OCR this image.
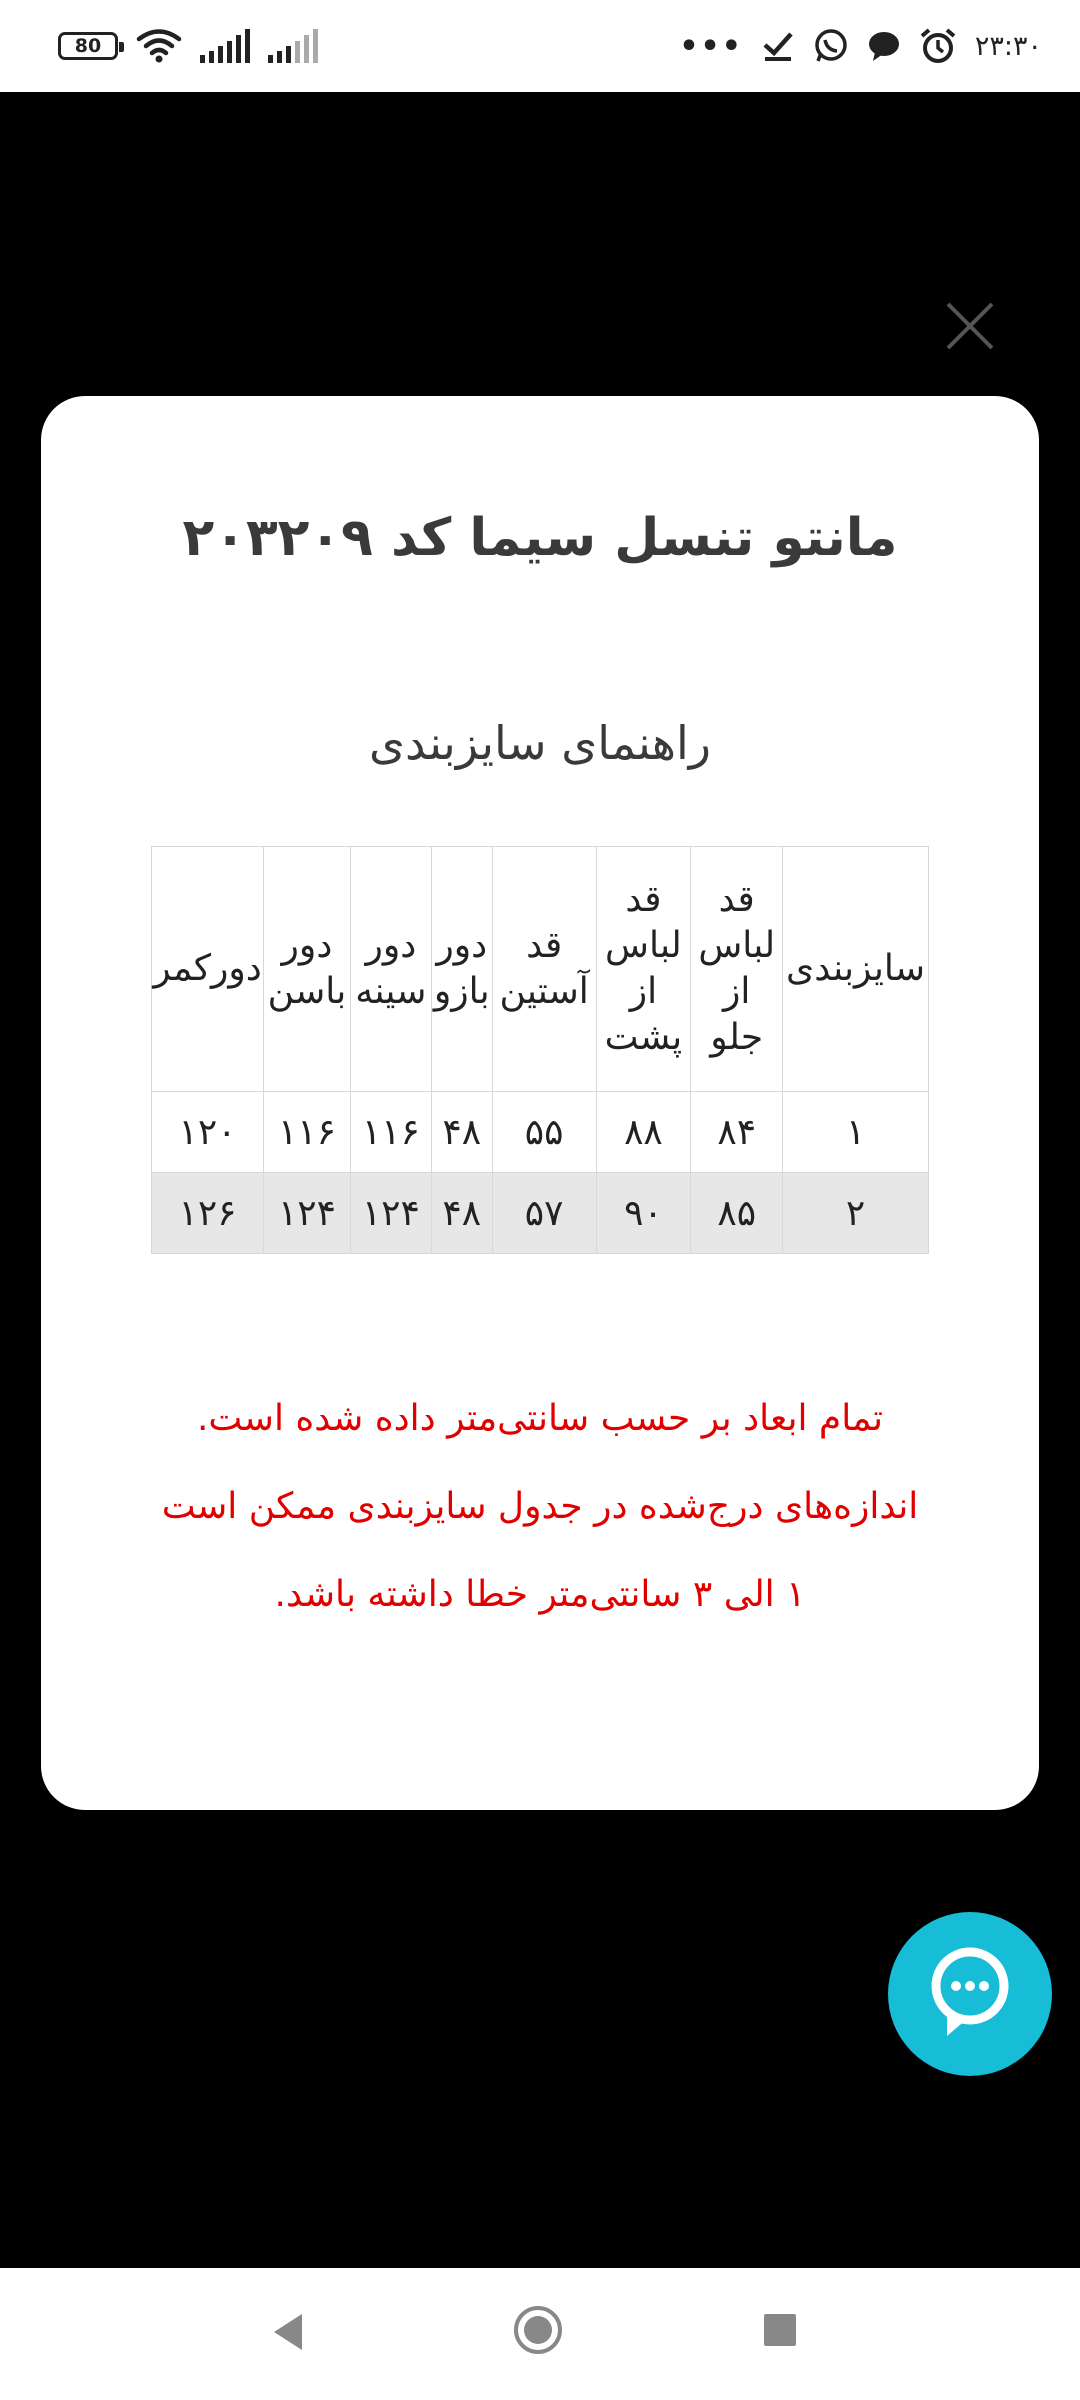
80	•••	۲۳:۳۰
مانتو تنسل سیما کد ۲۰۳۲۰۹
راهنمای سایزبندی
سایزبندی	قد لباس از جلو	قد لباس از پشت	قد آستین	دور بازو	دور سینه	دور باسن	دورکمر
۱	۸۴	۸۸	۵۵	۴۸	۱۱۶	۱۱۶	۱۲۰
۲	۸۵	۹۰	۵۷	۴۸	۱۲۴	۱۲۴	۱۲۶
تمام ابعاد بر حسب سانتی‌متر داده شده است.
اندازه‌های درج‌شده در جدول سایزبندی ممکن است
۱ الی ۳ سانتی‌متر خطا داشته باشد.
